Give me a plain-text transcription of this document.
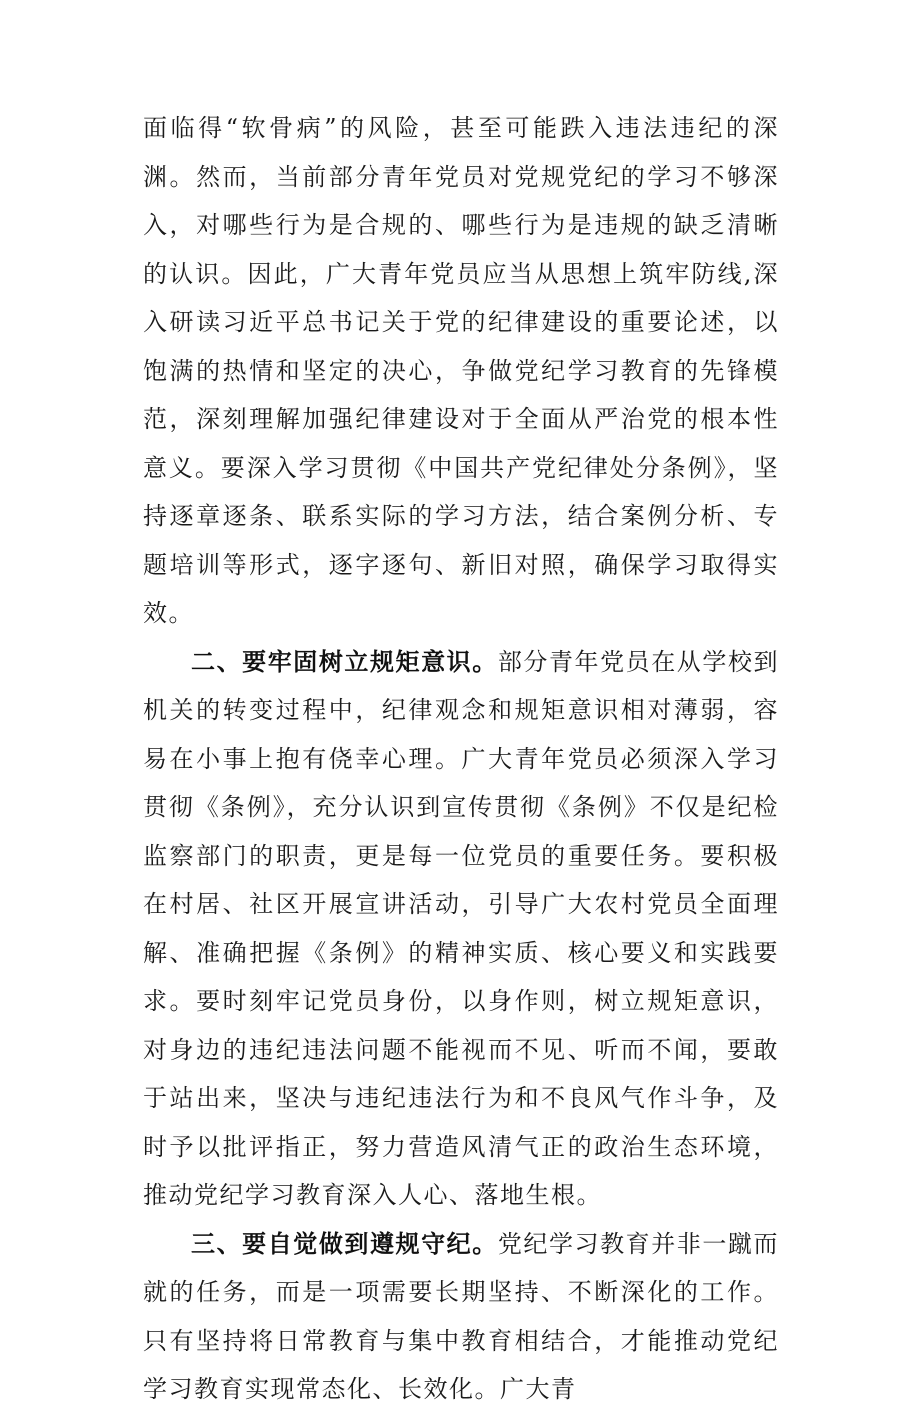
面临得“软骨病”的风险，甚至可能跌入违法违纪的深渊。然而，当前部分青年党员对党规党纪的学习不够深入，对哪些行为是合规的、哪些行为是违规的缺乏清晰的认识。因此，广大青年党员应当从思想上筑牢防线,深入研读习近平总书记关于党的纪律建设的重要论述，以饱满的热情和坚定的决心，争做党纪学习教育的先锋模范，深刻理解加强纪律建设对于全面从严治党的根本性意义。要深入学习贯彻《中国共产党纪律处分条例》，坚持逐章逐条、联系实际的学习方法，结合案例分析、专题培训等形式，逐字逐句、新旧对照，确保学习取得实效。

二、要牢固树立规矩意识。部分青年党员在从学校到机关的转变过程中，纪律观念和规矩意识相对薄弱，容易在小事上抱有侥幸心理。广大青年党员必须深入学习贯彻《条例》，充分认识到宣传贯彻《条例》不仅是纪检监察部门的职责，更是每一位党员的重要任务。要积极在村居、社区开展宣讲活动，引导广大农村党员全面理解、准确把握《条例》的精神实质、核心要义和实践要求。要时刻牢记党员身份，以身作则，树立规矩意识，对身边的违纪违法问题不能视而不见、听而不闻，要敢于站出来，坚决与违纪违法行为和不良风气作斗争，及时予以批评指正，努力营造风清气正的政治生态环境，推动党纪学习教育深入人心、落地生根。

三、要自觉做到遵规守纪。党纪学习教育并非一蹴而就的任务，而是一项需要长期坚持、不断深化的工作。只有坚持将日常教育与集中教育相结合，才能推动党纪学习教育实现常态化、长效化。广大青
